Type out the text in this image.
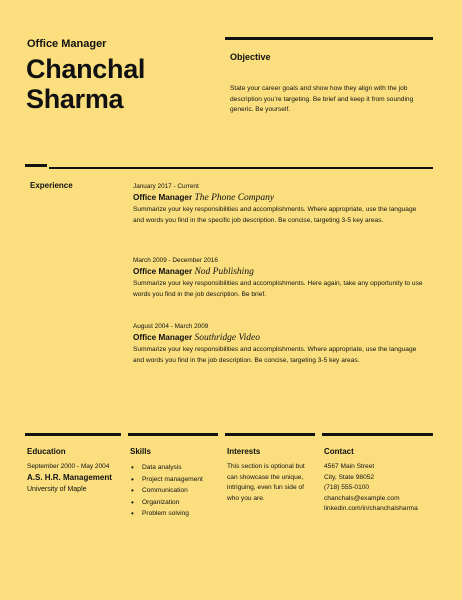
Office Manager
Chanchal
Sharma
Objective
State your career goals and show how they align with the job description you’re targeting. Be brief and keep it from sounding generic. Be yourself.
Experience	January 2017 - Current
Office Manager The Phone Company
Summarize your key responsibilities and accomplishments. Where appropriate, use the language and words you find in the specific job description. Be concise, targeting 3-5 key areas.
March 2009 - December 2016
Office Manager Nod Publishing
Summarize your key responsibilities and accomplishments. Here again, take any opportunity to use words you find in the job description. Be brief.
August 2004 - March 2009
Office Manager Southridge Video
Summarize your key responsibilities and accomplishments. Where appropriate, use the language and words you find in the job description. Be concise, targeting 3-5 key areas.
Education
September 2000 - May 2004
A.S. H.R. Management
University of Maple
Skills
• Data analysis
• Project management
• Communication
• Organization
• Problem solving
Interests
This section is optional but can showcase the unique, intriguing, even fun side of who you are.
Contact
4567 Main Street
City, State 98052
(718) 555-0100
chanchals@example.com
linkedin.com/in/chanchalsharma
